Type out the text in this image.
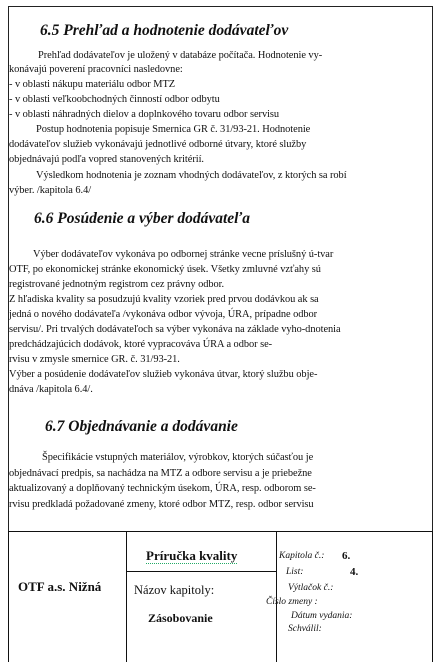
6.5 Prehľad a hodnotenie dodávateľov
Prehľad dodávateľov je uložený v databáze počítača. Hodnotenie vy-
konávajú poverení pracovníci nasledovne:
- v oblasti nákupu materiálu odbor MTZ
- v oblasti veľkoobchodných činností odbor odbytu
- v oblasti náhradných dielov a doplnkového tovaru odbor servisu
Postup hodnotenia popisuje Smernica GR č. 31/93-21. Hodnotenie
dodávateľov služieb vykonávajú jednotlivé odborné útvary, ktoré služby
objednávajú podľa vopred stanovených kritérií.
Výsledkom hodnotenia je zoznam vhodných dodávateľov, z ktorých sa robí
výber. /kapitola 6.4/
6.6 Posúdenie a výber dodávateľa
Výber dodávateľov vykonáva po odbornej stránke vecne príslušný ú-tvar
OTF, po ekonomickej stránke ekonomický úsek. Všetky zmluvné vzťahy sú
registrované jednotným registrom cez právny odbor.
Z hľadiska kvality sa posudzujú kvality vzoriek pred prvou dodávkou ak sa
jedná o nového dodávateľa /vykonáva odbor vývoja, ÚRA, prípadne odbor
servisu/. Pri trvalých dodávateľoch sa výber vykonáva na základe vyho-dnotenia
predchádzajúcich dodávok, ktoré vypracováva ÚRA a odbor se-
rvisu v zmysle smernice GR. č. 31/93-21.
Výber a posúdenie dodávateľov služieb vykonáva útvar, ktorý službu obje-
dnáva /kapitola 6.4/.
6.7 Objednávanie a dodávanie
Špecifikácie vstupných materiálov, výrobkov, ktorých súčasťou je
objednávací predpis, sa nachádza na MTZ a odbore servisu a je priebežne
aktualizovaný a doplňovaný technickým úsekom, ÚRA, resp. odborom se-
rvisu predkladá požadované zmeny, ktoré odbor MTZ, resp. odbor servisu
OTF a.s. Nižná
Príručka kvality
Názov kapitoly:
Zásobovanie
Kapitola č.: 6.
List:	4.
Výtlačok č.:
Číslo zmeny :
Dátum vydania:
Schválil:
